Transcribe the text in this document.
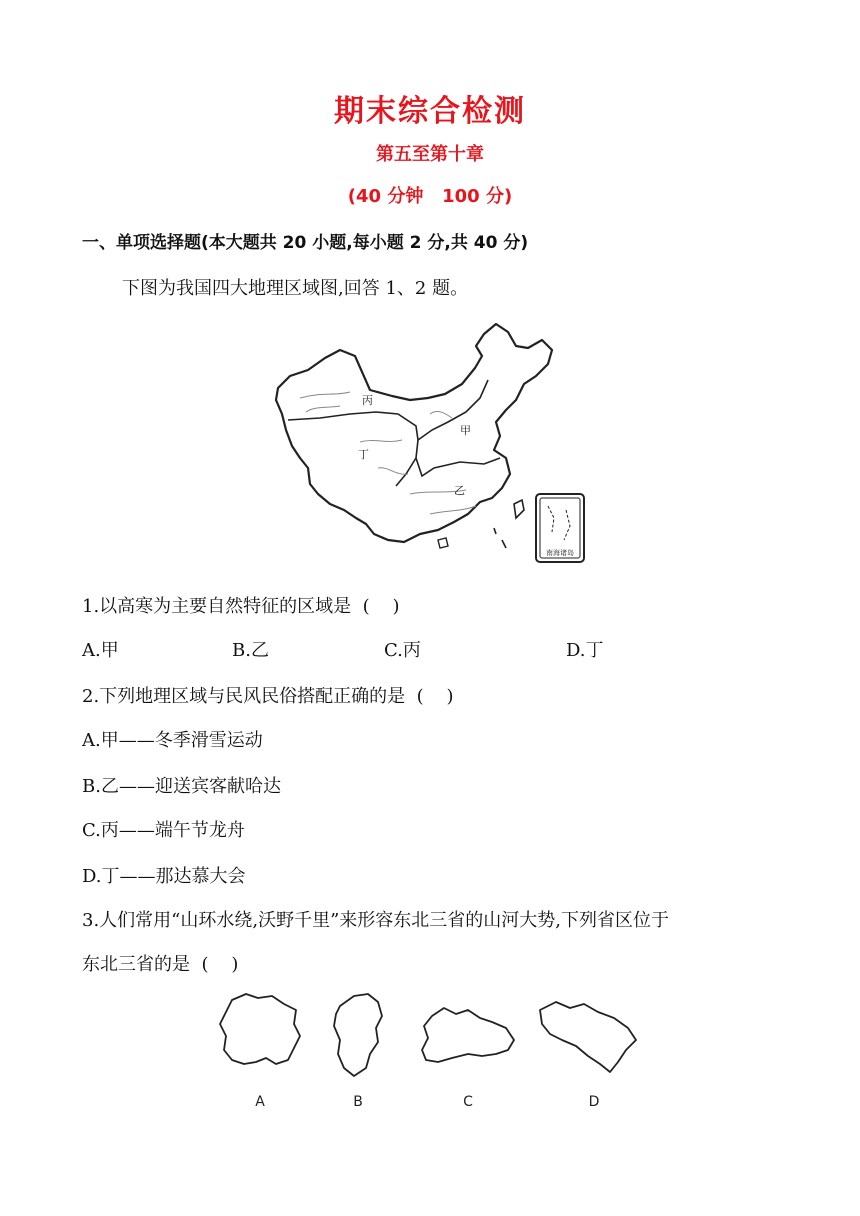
期末综合检测
第五至第十章
(40 分钟   100 分)
一、单项选择题(本大题共 20 小题,每小题 2 分,共 40 分)
下图为我国四大地理区域图,回答 1、2 题。
丙
甲
丁
乙
南海诸岛
1.以高寒为主要自然特征的区域是  (    )
A.甲	B.乙	C.丙	D.丁
2.下列地理区域与民风民俗搭配正确的是  (    )
A.甲——冬季滑雪运动
B.乙——迎送宾客献哈达
C.丙——端午节龙舟
D.丁——那达慕大会
3.人们常用“山环水绕,沃野千里”来形容东北三省的山河大势,下列省区位于
东北三省的是  (    )
A	B	C	D
